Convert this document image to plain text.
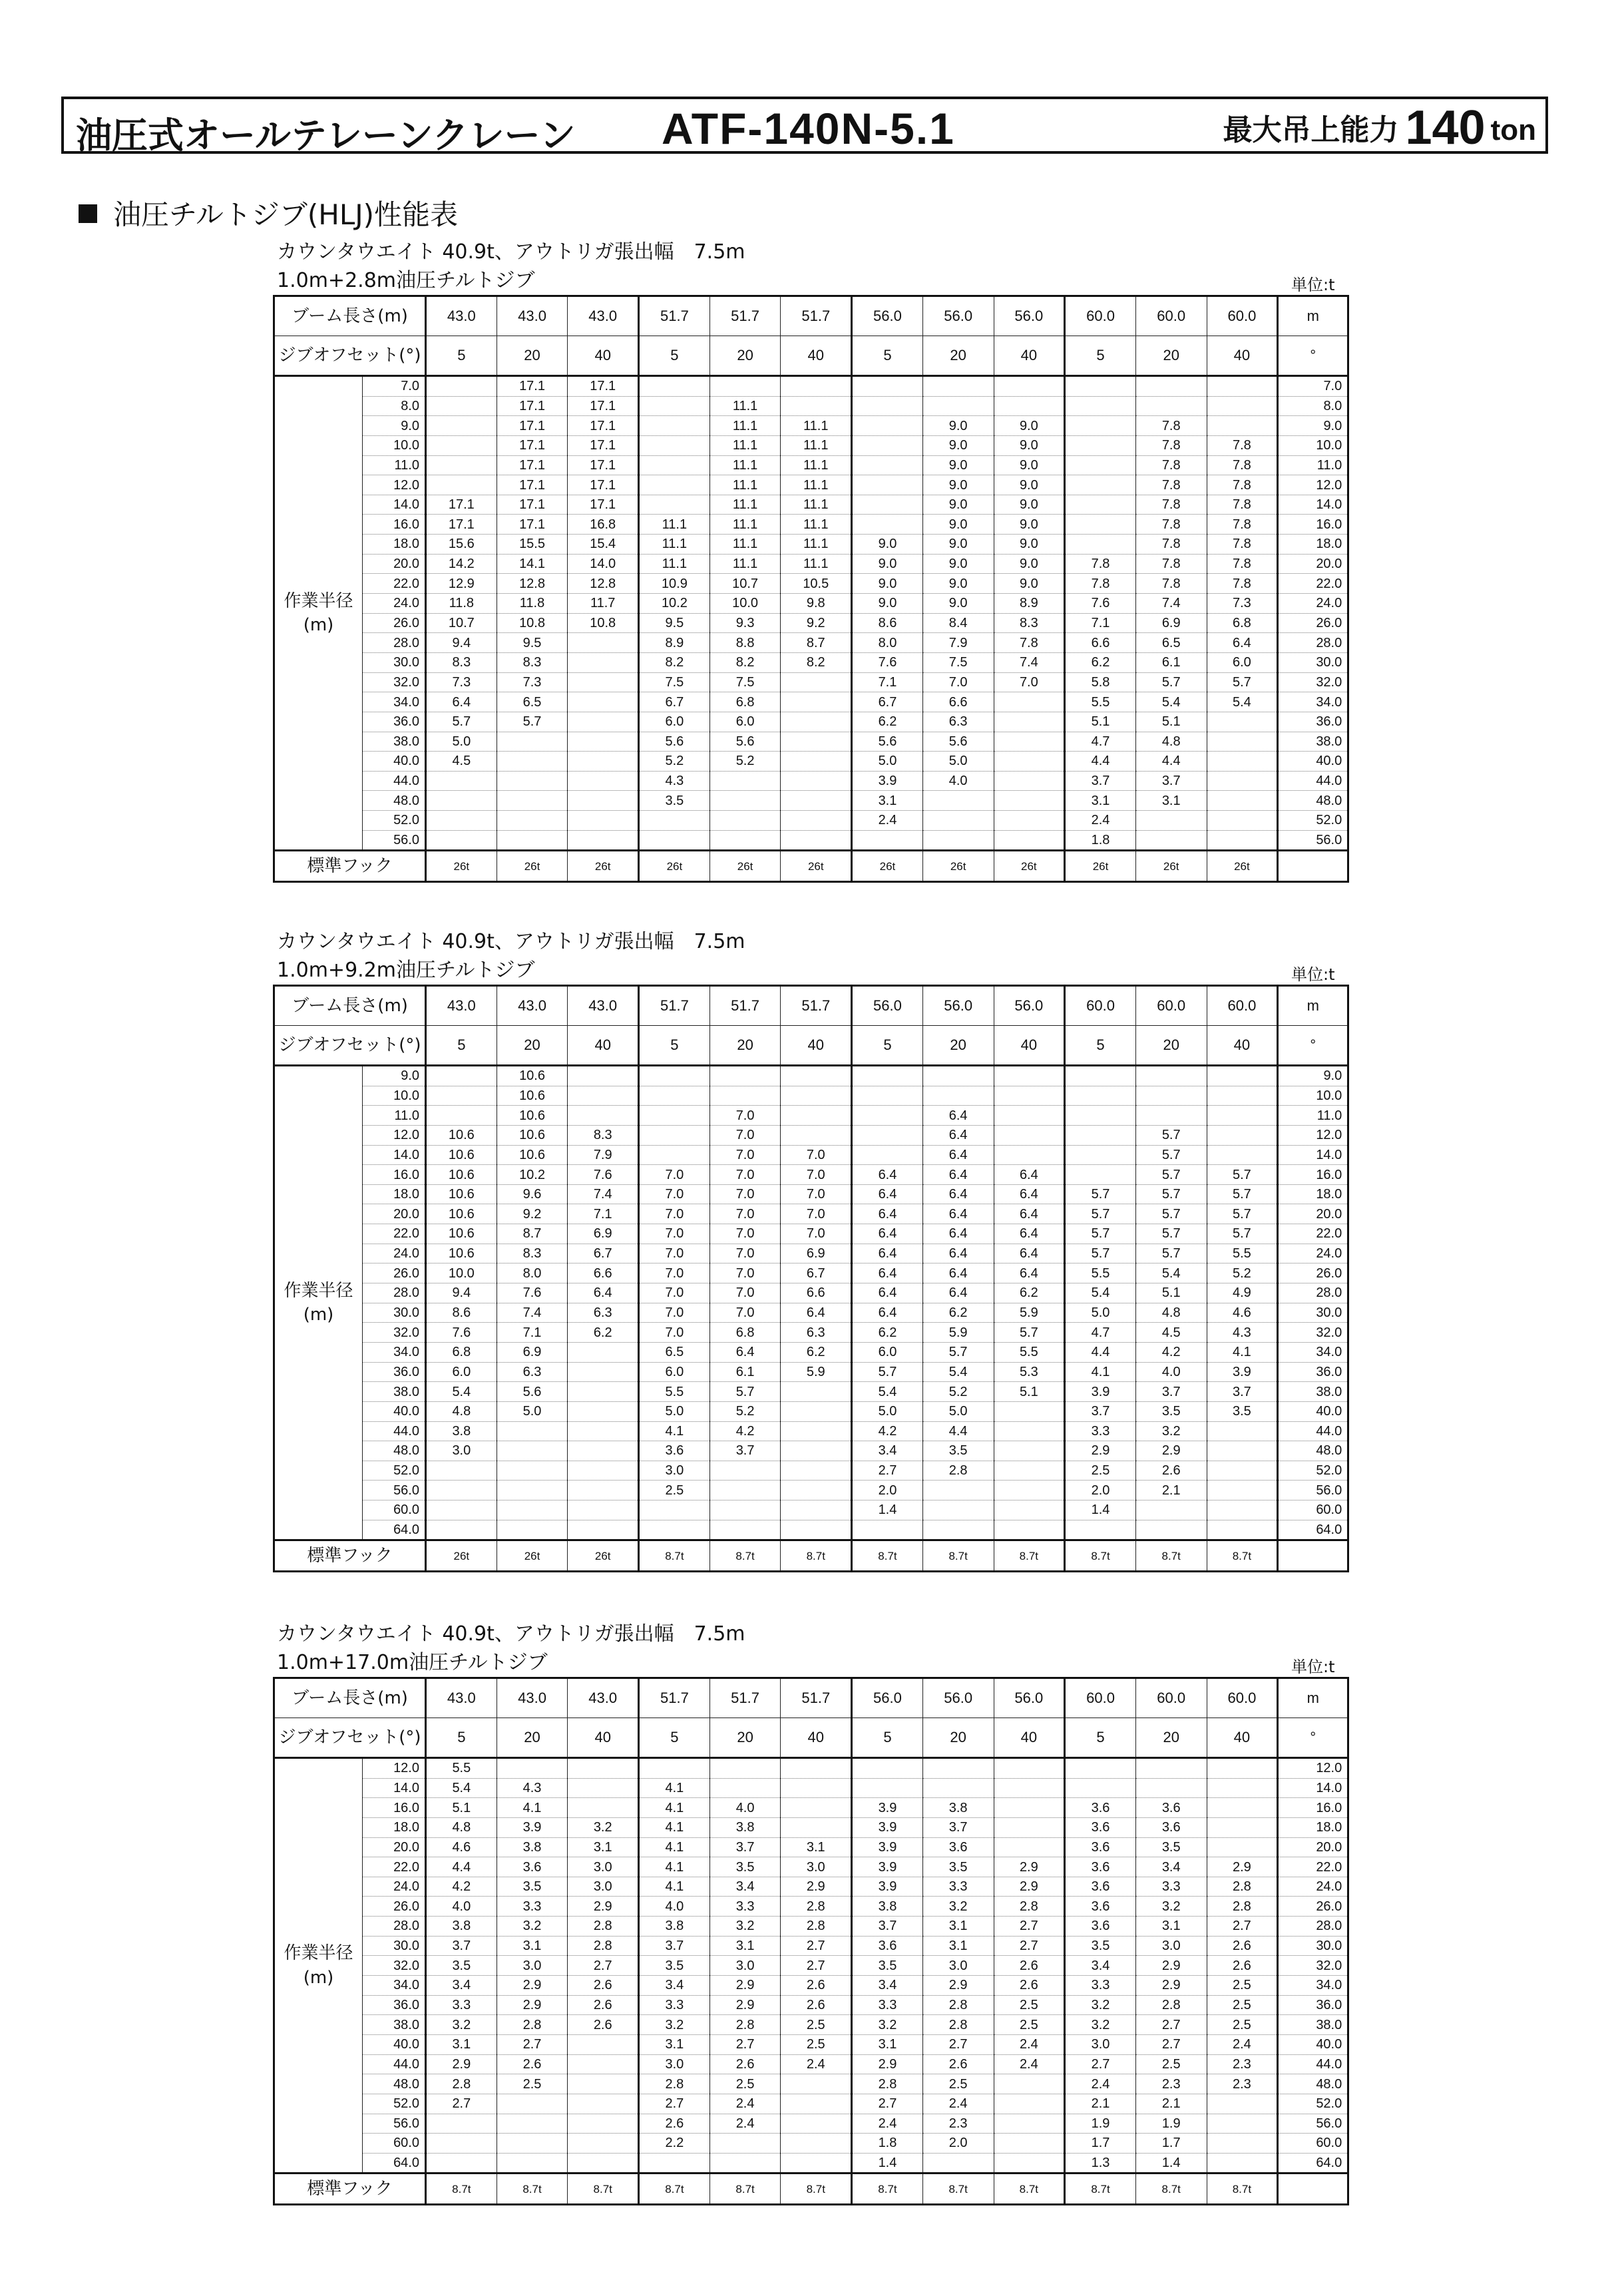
油圧式オールテレーンクレーン ATF-140N-5.1	最大吊上能力 140 ton
油圧チルトジブ(HLJ)性能表
カウンタウエイト 40.9t、アウトリガ張出幅　7.5m
1.0m+2.8m油圧チルトジブ	単位:t
ブーム長さ(m)		43.0	43.0	43.0	51.7	51.7	51.7	56.0	56.0	56.0	60.0	60.0	60.0	m
ジブオフセット(°)		5	20	40	5	20	40	5	20	40	5	20	40	°
作業半径
(m)	7.0		17.1	17.1										7.0
	8.0		17.1	17.1		11.1								8.0
	9.0		17.1	17.1		11.1	11.1		9.0	9.0		7.8		9.0
	10.0		17.1	17.1		11.1	11.1		9.0	9.0		7.8	7.8	10.0
	11.0		17.1	17.1		11.1	11.1		9.0	9.0		7.8	7.8	11.0
	12.0		17.1	17.1		11.1	11.1		9.0	9.0		7.8	7.8	12.0
	14.0	17.1	17.1	17.1		11.1	11.1		9.0	9.0		7.8	7.8	14.0
	16.0	17.1	17.1	16.8	11.1	11.1	11.1		9.0	9.0		7.8	7.8	16.0
	18.0	15.6	15.5	15.4	11.1	11.1	11.1	9.0	9.0	9.0		7.8	7.8	18.0
	20.0	14.2	14.1	14.0	11.1	11.1	11.1	9.0	9.0	9.0	7.8	7.8	7.8	20.0
	22.0	12.9	12.8	12.8	10.9	10.7	10.5	9.0	9.0	9.0	7.8	7.8	7.8	22.0
	24.0	11.8	11.8	11.7	10.2	10.0	9.8	9.0	9.0	8.9	7.6	7.4	7.3	24.0
	26.0	10.7	10.8	10.8	9.5	9.3	9.2	8.6	8.4	8.3	7.1	6.9	6.8	26.0
	28.0	9.4	9.5		8.9	8.8	8.7	8.0	7.9	7.8	6.6	6.5	6.4	28.0
	30.0	8.3	8.3		8.2	8.2	8.2	7.6	7.5	7.4	6.2	6.1	6.0	30.0
	32.0	7.3	7.3		7.5	7.5		7.1	7.0	7.0	5.8	5.7	5.7	32.0
	34.0	6.4	6.5		6.7	6.8		6.7	6.6		5.5	5.4	5.4	34.0
	36.0	5.7	5.7		6.0	6.0		6.2	6.3		5.1	5.1		36.0
	38.0	5.0			5.6	5.6		5.6	5.6		4.7	4.8		38.0
	40.0	4.5			5.2	5.2		5.0	5.0		4.4	4.4		40.0
	44.0				4.3			3.9	4.0		3.7	3.7		44.0
	48.0				3.5			3.1			3.1	3.1		48.0
	52.0							2.4			2.4			52.0
	56.0										1.8			56.0
標準フック		26t	26t	26t	26t	26t	26t	26t	26t	26t	26t	26t	26t	
カウンタウエイト 40.9t、アウトリガ張出幅　7.5m
1.0m+9.2m油圧チルトジブ	単位:t
ブーム長さ(m)		43.0	43.0	43.0	51.7	51.7	51.7	56.0	56.0	56.0	60.0	60.0	60.0	m
ジブオフセット(°)		5	20	40	5	20	40	5	20	40	5	20	40	°
作業半径
(m)	9.0		10.6											9.0
	10.0		10.6											10.0
	11.0		10.6			7.0			6.4					11.0
	12.0	10.6	10.6	8.3		7.0			6.4			5.7		12.0
	14.0	10.6	10.6	7.9		7.0	7.0		6.4			5.7		14.0
	16.0	10.6	10.2	7.6	7.0	7.0	7.0	6.4	6.4	6.4		5.7	5.7	16.0
	18.0	10.6	9.6	7.4	7.0	7.0	7.0	6.4	6.4	6.4	5.7	5.7	5.7	18.0
	20.0	10.6	9.2	7.1	7.0	7.0	7.0	6.4	6.4	6.4	5.7	5.7	5.7	20.0
	22.0	10.6	8.7	6.9	7.0	7.0	7.0	6.4	6.4	6.4	5.7	5.7	5.7	22.0
	24.0	10.6	8.3	6.7	7.0	7.0	6.9	6.4	6.4	6.4	5.7	5.7	5.5	24.0
	26.0	10.0	8.0	6.6	7.0	7.0	6.7	6.4	6.4	6.4	5.5	5.4	5.2	26.0
	28.0	9.4	7.6	6.4	7.0	7.0	6.6	6.4	6.4	6.2	5.4	5.1	4.9	28.0
	30.0	8.6	7.4	6.3	7.0	7.0	6.4	6.4	6.2	5.9	5.0	4.8	4.6	30.0
	32.0	7.6	7.1	6.2	7.0	6.8	6.3	6.2	5.9	5.7	4.7	4.5	4.3	32.0
	34.0	6.8	6.9		6.5	6.4	6.2	6.0	5.7	5.5	4.4	4.2	4.1	34.0
	36.0	6.0	6.3		6.0	6.1	5.9	5.7	5.4	5.3	4.1	4.0	3.9	36.0
	38.0	5.4	5.6		5.5	5.7		5.4	5.2	5.1	3.9	3.7	3.7	38.0
	40.0	4.8	5.0		5.0	5.2		5.0	5.0		3.7	3.5	3.5	40.0
	44.0	3.8			4.1	4.2		4.2	4.4		3.3	3.2		44.0
	48.0	3.0			3.6	3.7		3.4	3.5		2.9	2.9		48.0
	52.0				3.0			2.7	2.8		2.5	2.6		52.0
	56.0				2.5			2.0			2.0	2.1		56.0
	60.0							1.4			1.4			60.0
	64.0													64.0
標準フック		26t	26t	26t	8.7t	8.7t	8.7t	8.7t	8.7t	8.7t	8.7t	8.7t	8.7t	
カウンタウエイト 40.9t、アウトリガ張出幅　7.5m
1.0m+17.0m油圧チルトジブ	単位:t
ブーム長さ(m)		43.0	43.0	43.0	51.7	51.7	51.7	56.0	56.0	56.0	60.0	60.0	60.0	m
ジブオフセット(°)		5	20	40	5	20	40	5	20	40	5	20	40	°
作業半径
(m)	12.0	5.5												12.0
	14.0	5.4	4.3		4.1									14.0
	16.0	5.1	4.1		4.1	4.0		3.9	3.8		3.6	3.6		16.0
	18.0	4.8	3.9	3.2	4.1	3.8		3.9	3.7		3.6	3.6		18.0
	20.0	4.6	3.8	3.1	4.1	3.7	3.1	3.9	3.6		3.6	3.5		20.0
	22.0	4.4	3.6	3.0	4.1	3.5	3.0	3.9	3.5	2.9	3.6	3.4	2.9	22.0
	24.0	4.2	3.5	3.0	4.1	3.4	2.9	3.9	3.3	2.9	3.6	3.3	2.8	24.0
	26.0	4.0	3.3	2.9	4.0	3.3	2.8	3.8	3.2	2.8	3.6	3.2	2.8	26.0
	28.0	3.8	3.2	2.8	3.8	3.2	2.8	3.7	3.1	2.7	3.6	3.1	2.7	28.0
	30.0	3.7	3.1	2.8	3.7	3.1	2.7	3.6	3.1	2.7	3.5	3.0	2.6	30.0
	32.0	3.5	3.0	2.7	3.5	3.0	2.7	3.5	3.0	2.6	3.4	2.9	2.6	32.0
	34.0	3.4	2.9	2.6	3.4	2.9	2.6	3.4	2.9	2.6	3.3	2.9	2.5	34.0
	36.0	3.3	2.9	2.6	3.3	2.9	2.6	3.3	2.8	2.5	3.2	2.8	2.5	36.0
	38.0	3.2	2.8	2.6	3.2	2.8	2.5	3.2	2.8	2.5	3.2	2.7	2.5	38.0
	40.0	3.1	2.7		3.1	2.7	2.5	3.1	2.7	2.4	3.0	2.7	2.4	40.0
	44.0	2.9	2.6		3.0	2.6	2.4	2.9	2.6	2.4	2.7	2.5	2.3	44.0
	48.0	2.8	2.5		2.8	2.5		2.8	2.5		2.4	2.3	2.3	48.0
	52.0	2.7			2.7	2.4		2.7	2.4		2.1	2.1		52.0
	56.0				2.6	2.4		2.4	2.3		1.9	1.9		56.0
	60.0				2.2			1.8	2.0		1.7	1.7		60.0
	64.0							1.4			1.3	1.4		64.0
標準フック		8.7t	8.7t	8.7t	8.7t	8.7t	8.7t	8.7t	8.7t	8.7t	8.7t	8.7t	8.7t	
